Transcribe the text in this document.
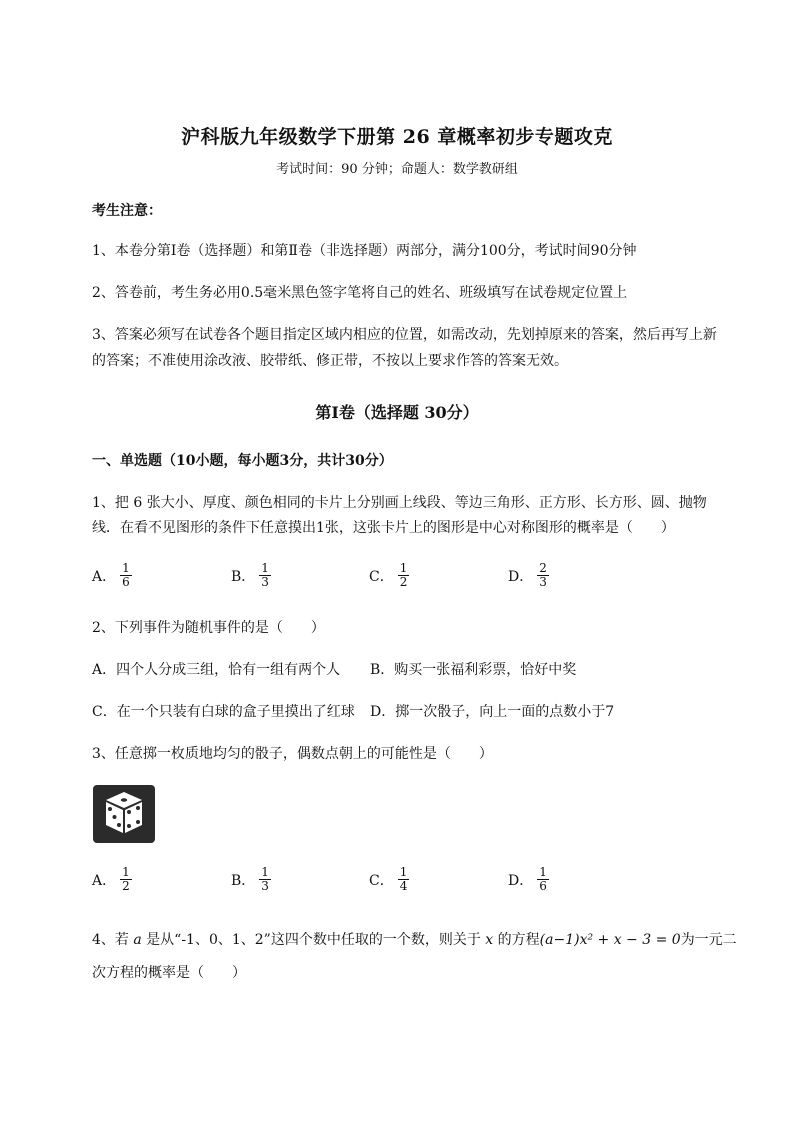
沪科版九年级数学下册第 26 章概率初步专题攻克
考试时间：90 分钟；命题人：数学教研组
考生注意：
1、本卷分第Ⅰ卷（选择题）和第Ⅱ卷（非选择题）两部分，满分100分，考试时间90分钟
2、答卷前，考生务必用0.5毫米黑色签字笔将自己的姓名、班级填写在试卷规定位置上
3、答案必须写在试卷各个题目指定区域内相应的位置，如需改动，先划掉原来的答案，然后再写上新
的答案；不准使用涂改液、胶带纸、修正带，不按以上要求作答的答案无效。
第Ⅰ卷（选择题 30分）
一、单选题（10小题，每小题3分，共计30分）
1、把 6 张大小、厚度、颜色相同的卡片上分别画上线段、等边三角形、正方形、长方形、圆、抛物
线．在看不见图形的条件下任意摸出1张，这张卡片上的图形是中心对称图形的概率是（　　）
A． $\frac{1}{6}$	B． $\frac{1}{3}$	C． $\frac{1}{2}$	D． $\frac{2}{3}$
2、下列事件为随机事件的是（　　）
A．四个人分成三组，恰有一组有两个人 B．购买一张福利彩票，恰好中奖
C．在一个只装有白球的盒子里摸出了红球 D．掷一次骰子，向上一面的点数小于7
3、任意掷一枚质地均匀的骰子，偶数点朝上的可能性是（　　）
A． $\frac{1}{2}$	B． $\frac{1}{3}$	C． $\frac{1}{4}$	D． $\frac{1}{6}$
4、若 a 是从“-1、0、1、2”这四个数中任取的一个数，则关于 x 的方程(a−1)x² + x − 3 = 0为一元二
次方程的概率是（　　）
